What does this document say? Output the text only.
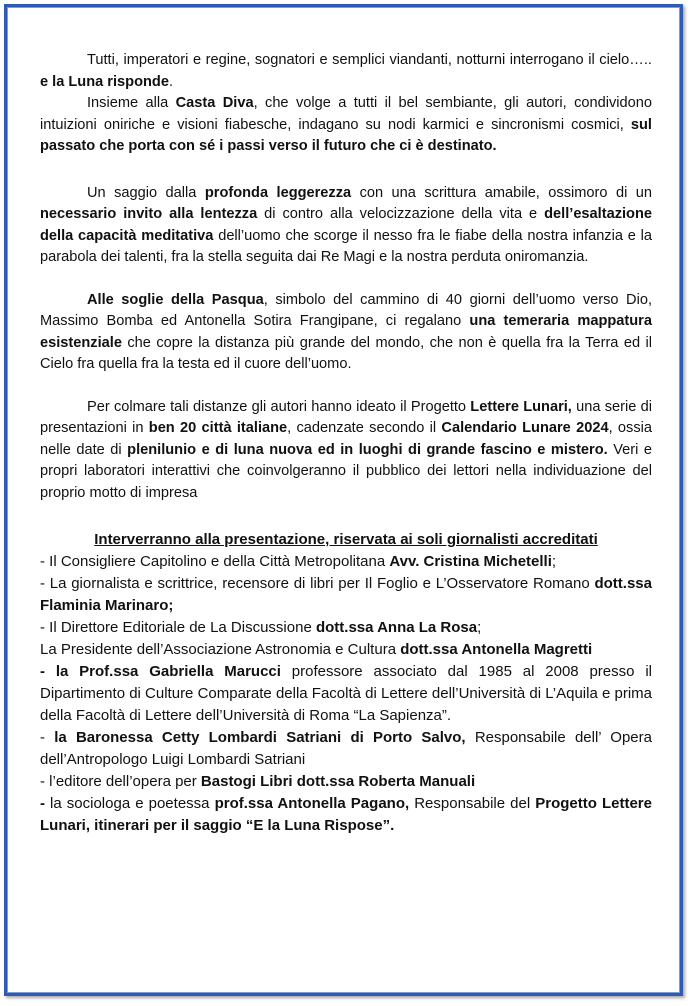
Tutti, imperatori e regine, sognatori e semplici viandanti, notturni interrogano il cielo….. e la Luna risponde.

Insieme alla Casta Diva, che volge a tutti il bel sembiante, gli autori, condividono intuizioni oniriche e visioni fiabesche, indagano su nodi karmici e sincronismi cosmici, sul passato che porta con sé i passi verso il futuro che ci è destinato.

Un saggio dalla profonda leggerezza con una scrittura amabile, ossimoro di un necessario invito alla lentezza di contro alla velocizzazione della vita e dell’esaltazione della capacità meditativa dell’uomo che scorge il nesso fra le fiabe della nostra infanzia e la parabola dei talenti, fra la stella seguita dai Re Magi e la nostra perduta oniromanzia.

Alle soglie della Pasqua, simbolo del cammino di 40 giorni dell’uomo verso Dio, Massimo Bomba ed Antonella Sotira Frangipane, ci regalano una temeraria mappatura esistenziale che copre la distanza più grande del mondo, che non è quella fra la Terra ed il Cielo fra quella fra la testa ed il cuore dell’uomo.

Per colmare tali distanze gli autori hanno ideato il Progetto Lettere Lunari, una serie di presentazioni in ben 20 città italiane, cadenzate secondo il Calendario Lunare 2024, ossia nelle date di plenilunio e di luna nuova ed in luoghi di grande fascino e mistero. Veri e propri laboratori interattivi che coinvolgeranno il pubblico dei lettori nella individuazione del proprio motto di impresa

Interverranno alla presentazione, riservata ai soli giornalisti accreditati

- Il Consigliere Capitolino e della Città Metropolitana Avv. Cristina Michetelli;

- La giornalista e scrittrice, recensore di libri per Il Foglio e L’Osservatore Romano dott.ssa Flaminia Marinaro;

- Il Direttore Editoriale de La Discussione dott.ssa Anna La Rosa;

La Presidente dell’Associazione Astronomia e Cultura dott.ssa Antonella Magretti

- la Prof.ssa Gabriella Marucci professore associato dal 1985 al 2008 presso il Dipartimento di Culture Comparate della Facoltà di Lettere dell’Università di L’Aquila e prima della Facoltà di Lettere dell’Università di Roma “La Sapienza”.

- la Baronessa Cetty Lombardi Satriani di Porto Salvo, Responsabile dell’ Opera dell’Antropologo Luigi Lombardi Satriani

- l’editore dell’opera per Bastogi Libri dott.ssa Roberta Manuali

- la sociologa e poetessa prof.ssa Antonella Pagano, Responsabile del Progetto Lettere Lunari, itinerari per il saggio “E la Luna Rispose”.
